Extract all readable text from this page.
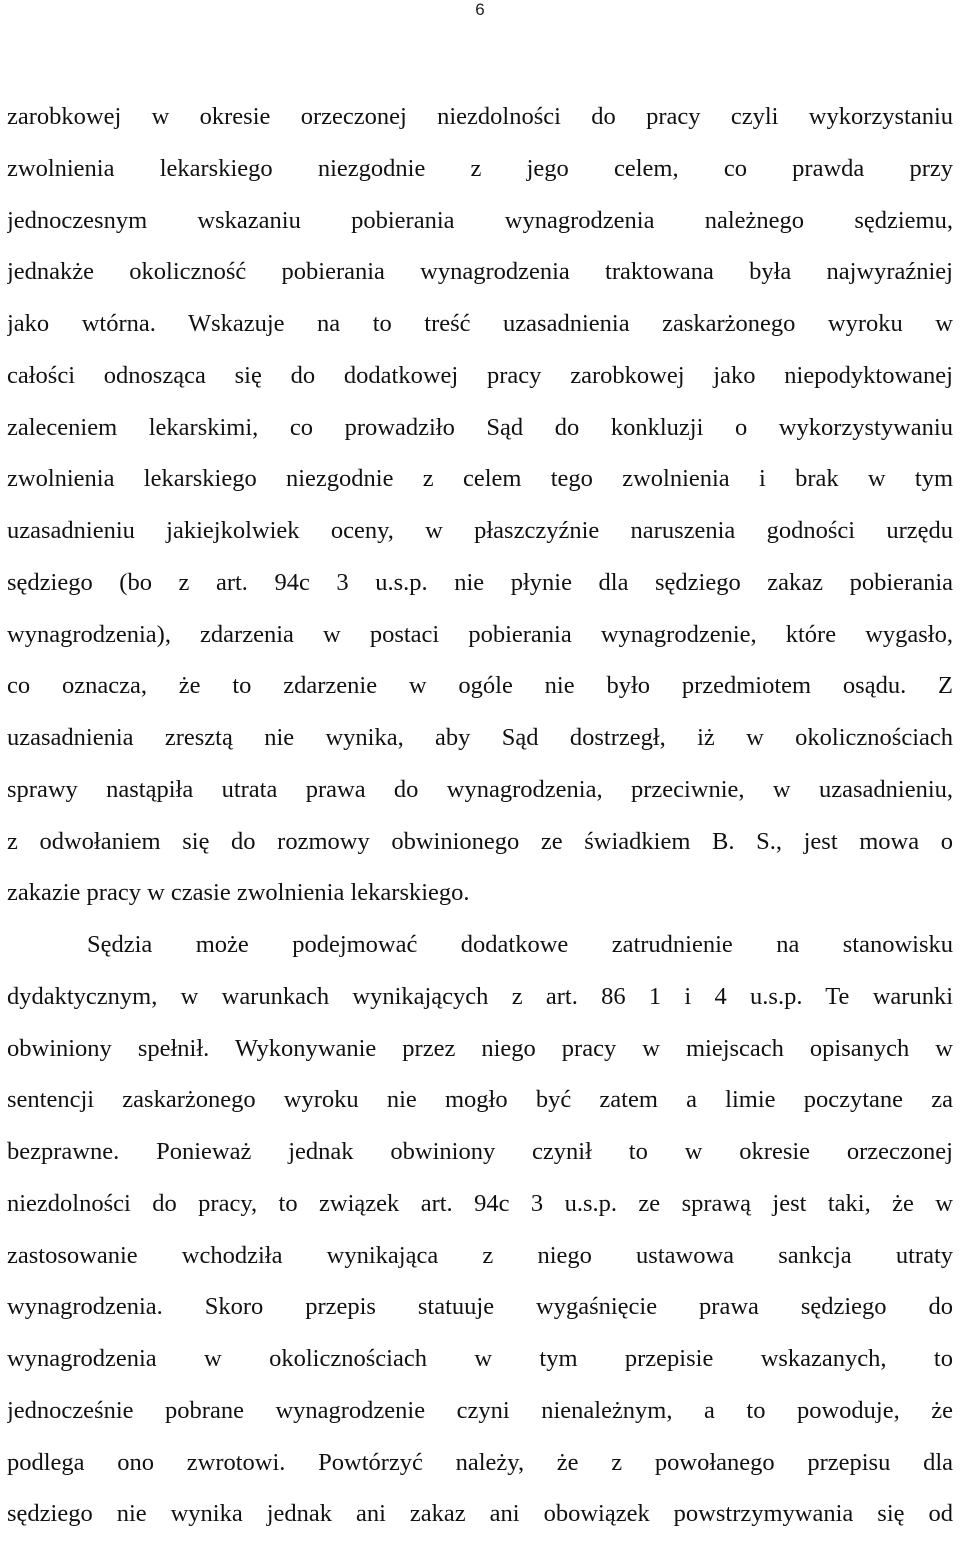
6
zarobkowej w okresie orzeczonej niezdolności do pracy czyli wykorzystaniu
zwolnienia lekarskiego niezgodnie z jego celem, co prawda przy
jednoczesnym wskazaniu pobierania wynagrodzenia należnego sędziemu,
jednakże okoliczność pobierania wynagrodzenia traktowana była najwyraźniej
jako wtórna. Wskazuje na to treść uzasadnienia zaskarżonego wyroku w
całości odnosząca się do dodatkowej pracy zarobkowej jako niepodyktowanej
zaleceniem lekarskimi, co prowadziło Sąd do konkluzji o wykorzystywaniu
zwolnienia lekarskiego niezgodnie z celem tego zwolnienia i brak w tym
uzasadnieniu jakiejkolwiek oceny, w płaszczyźnie naruszenia godności urzędu
sędziego (bo z art. 94c 3 u.s.p. nie płynie dla sędziego zakaz pobierania
wynagrodzenia), zdarzenia w postaci pobierania wynagrodzenie, które wygasło,
co oznacza, że to zdarzenie w ogóle nie było przedmiotem osądu. Z
uzasadnienia zresztą nie wynika, aby Sąd dostrzegł, iż w okolicznościach
sprawy nastąpiła utrata prawa do wynagrodzenia, przeciwnie, w uzasadnieniu,
z odwołaniem się do rozmowy obwinionego ze świadkiem B. S., jest mowa o
zakazie pracy w czasie zwolnienia lekarskiego.
Sędzia może podejmować dodatkowe zatrudnienie na stanowisku
dydaktycznym, w warunkach wynikających z art. 86 1 i 4 u.s.p. Te warunki
obwiniony spełnił. Wykonywanie przez niego pracy w miejscach opisanych w
sentencji zaskarżonego wyroku nie mogło być zatem a limie poczytane za
bezprawne. Ponieważ jednak obwiniony czynił to w okresie orzeczonej
niezdolności do pracy, to związek art. 94c 3 u.s.p. ze sprawą jest taki, że w
zastosowanie wchodziła wynikająca z niego ustawowa sankcja utraty
wynagrodzenia. Skoro przepis statuuje wygaśnięcie prawa sędziego do
wynagrodzenia w okolicznościach w tym przepisie wskazanych, to
jednocześnie pobrane wynagrodzenie czyni nienależnym, a to powoduje, że
podlega ono zwrotowi. Powtórzyć należy, że z powołanego przepisu dla
sędziego nie wynika jednak ani zakaz ani obowiązek powstrzymywania się od
